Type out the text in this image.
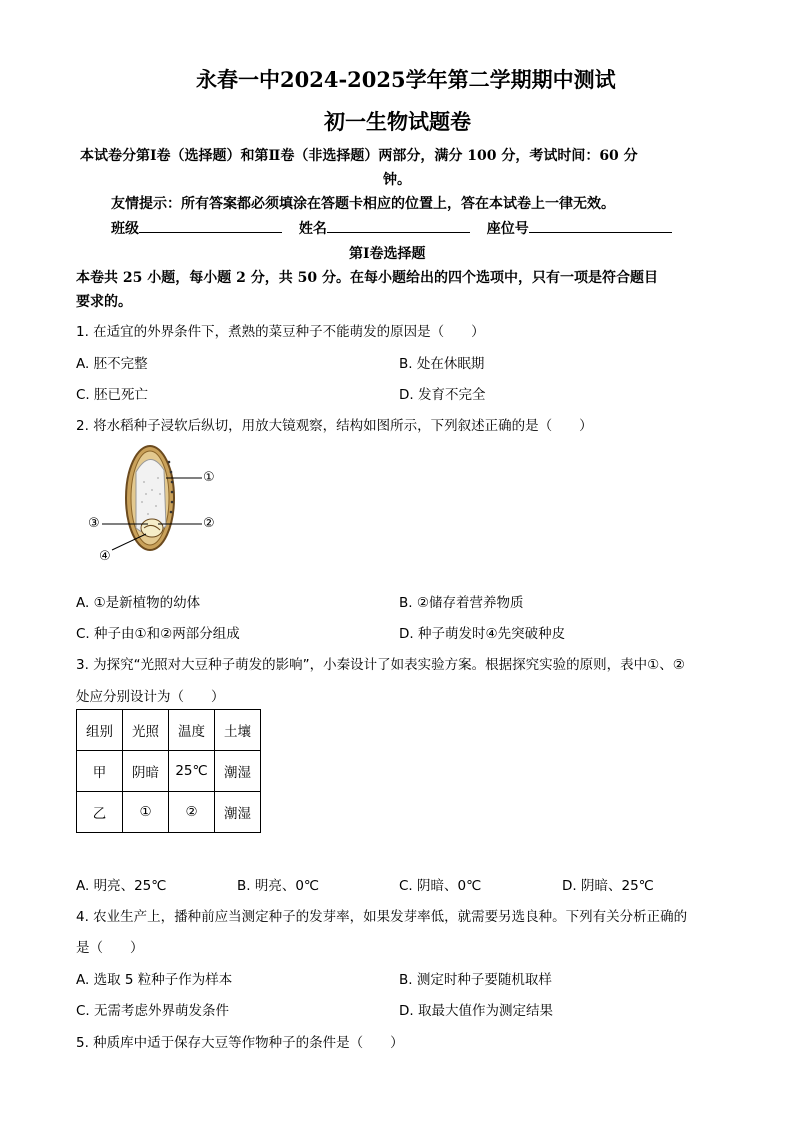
永春一中2024-2025学年第二学期期中测试
初一生物试题卷
本试卷分第Ⅰ卷（选择题）和第Ⅱ卷（非选择题）两部分，满分 100 分，考试时间：60 分
钟。
友情提示：所有答案都必须填涂在答题卡相应的位置上，答在本试卷上一律无效。
班级	姓名	座位号
第Ⅰ卷选择题
本卷共 25 小题，每小题 2 分，共 50 分。在每小题给出的四个选项中，只有一项是符合题目
要求的。
1. 在适宜的外界条件下，煮熟的菜豆种子不能萌发的原因是（　　）
A. 胚不完整	B. 处在休眠期
C. 胚已死亡	D. 发育不完全
2. 将水稻种子浸软后纵切，用放大镜观察，结构如图所示，下列叙述正确的是（　　）
①
②
③
④
A. ①是新植物的幼体	B. ②储存着营养物质
C. 种子由①和②两部分组成	D. 种子萌发时④先突破种皮
3. 为探究“光照对大豆种子萌发的影响”，小秦设计了如表实验方案。根据探究实验的原则，表中①、②
处应分别设计为（　　）
组别	光照	温度	土壤
甲	阴暗	25℃	潮湿
乙	①	②	潮湿
A. 明亮、25℃	B. 明亮、0℃	C. 阴暗、0℃	D. 阴暗、25℃
4. 农业生产上，播种前应当测定种子的发芽率，如果发芽率低，就需要另选良种。下列有关分析正确的
是（　　）
A. 选取 5 粒种子作为样本	B. 测定时种子要随机取样
C. 无需考虑外界萌发条件	D. 取最大值作为测定结果
5. 种质库中适于保存大豆等作物种子的条件是（　　）
